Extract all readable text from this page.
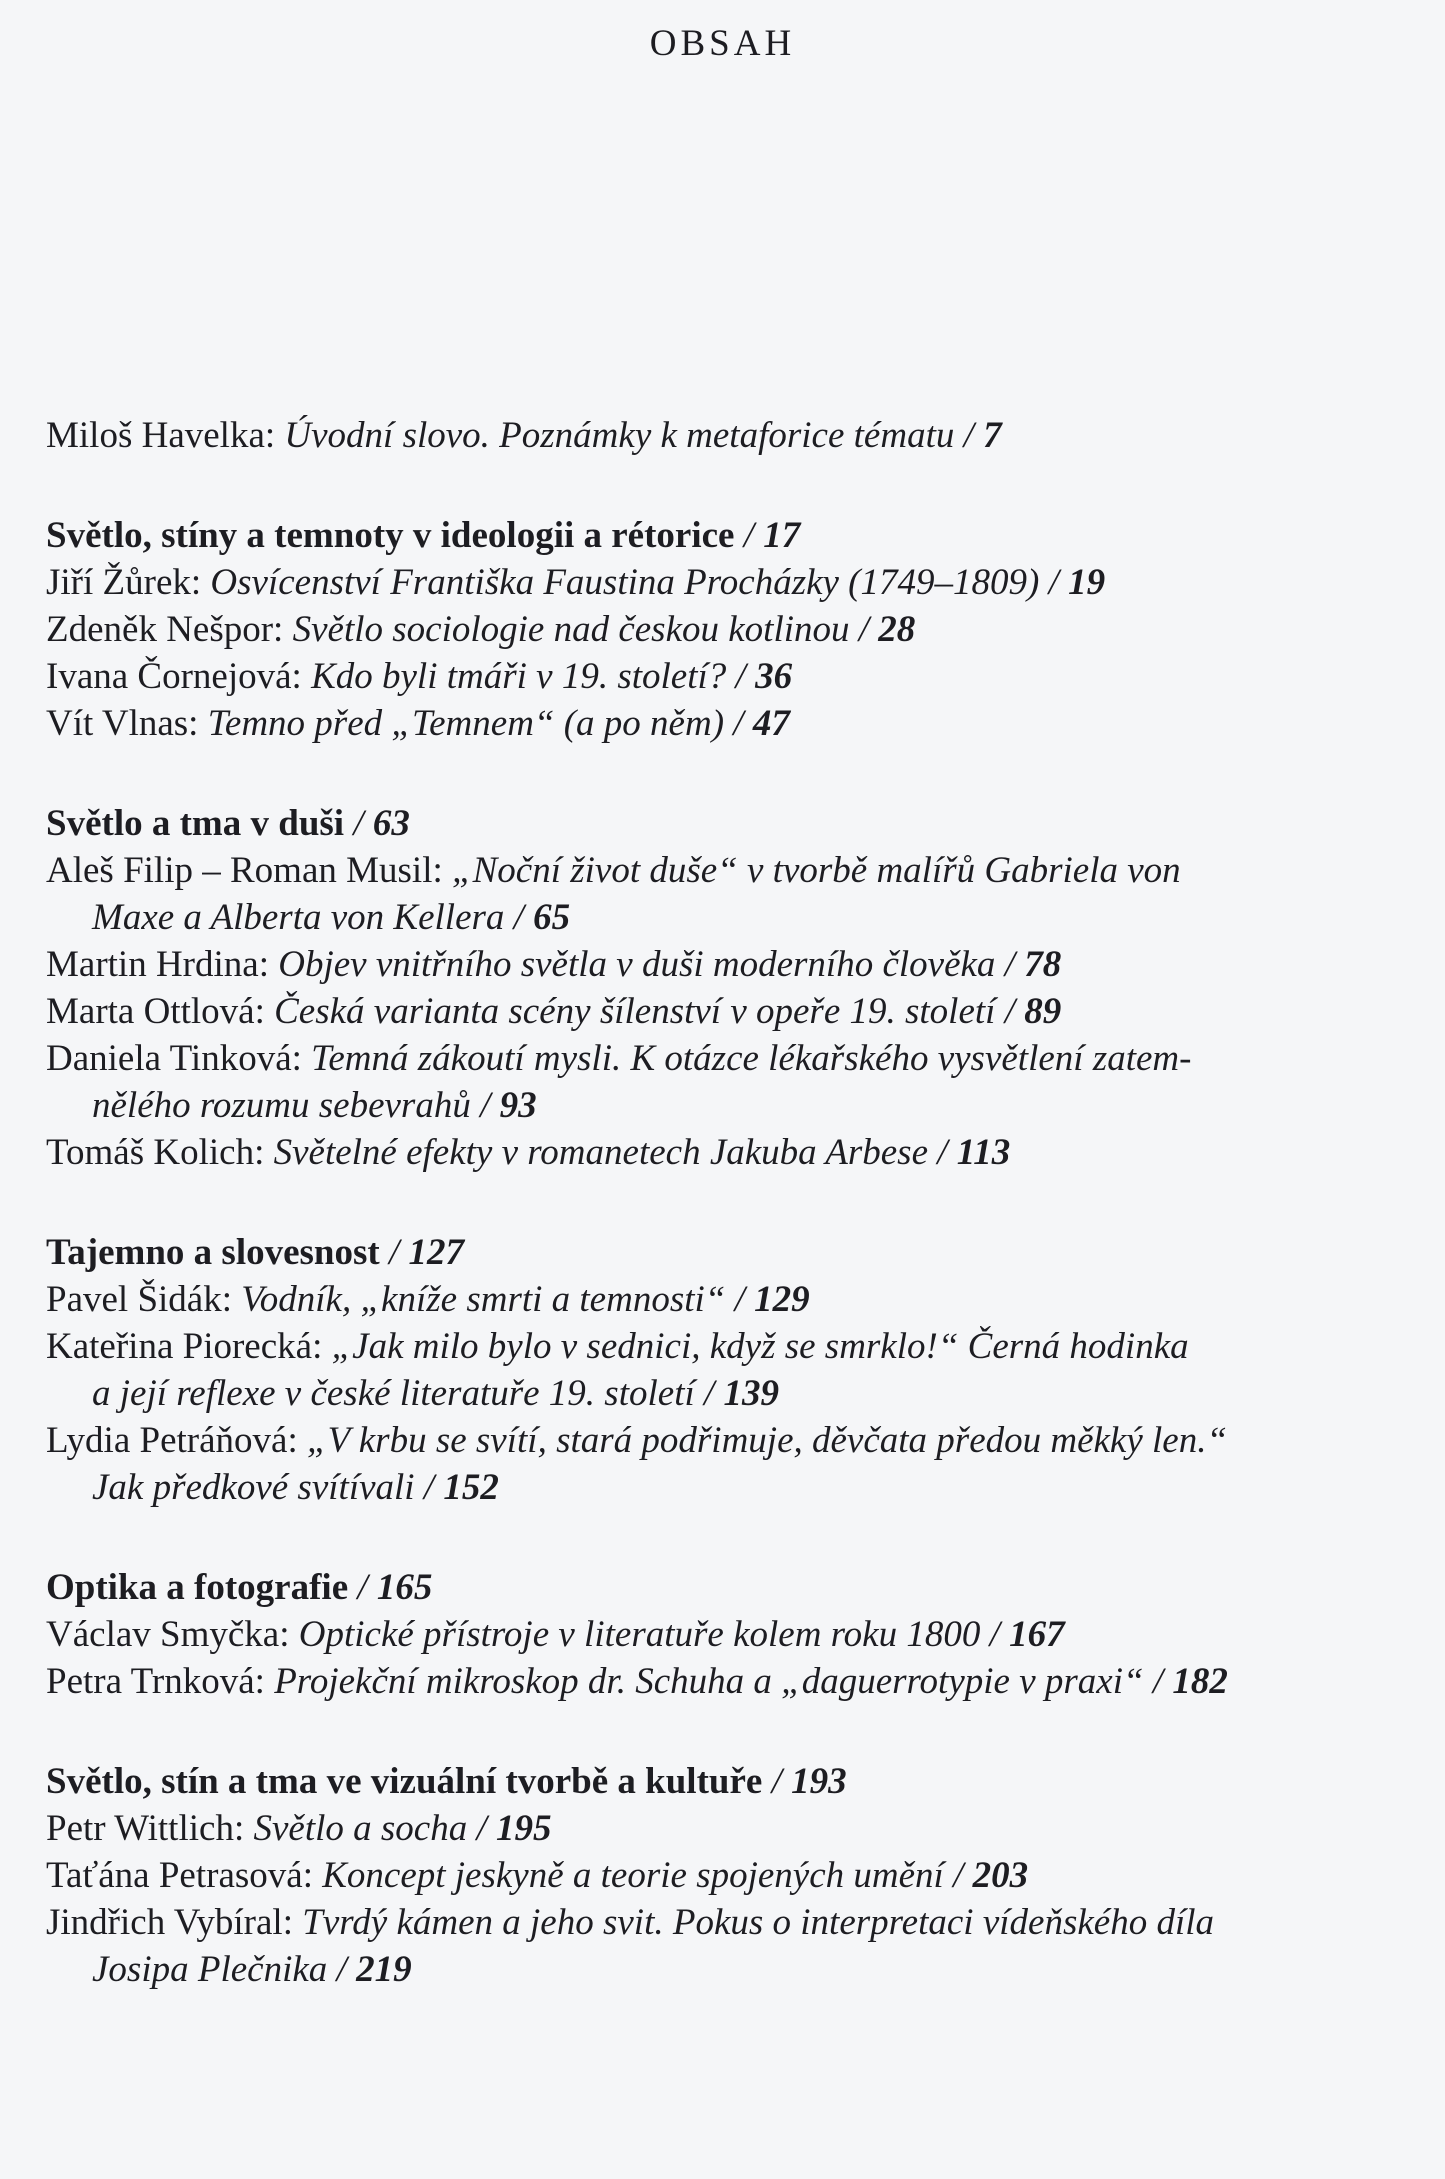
OBSAH
Miloš Havelka: Úvodní slovo. Poznámky k metaforice tématu / 7
Světlo, stíny a temnoty v ideologii a rétorice / 17
Jiří Žůrek: Osvícenství Františka Faustina Procházky (1749–1809) / 19
Zdeněk Nešpor: Světlo sociologie nad českou kotlinou / 28
Ivana Čornejová: Kdo byli tmáři v 19. století? / 36
Vít Vlnas: Temno před „Temnem“ (a po něm) / 47
Světlo a tma v duši / 63
Aleš Filip – Roman Musil: „Noční život duše“ v tvorbě malířů Gabriela von
Maxe a Alberta von Kellera / 65
Martin Hrdina: Objev vnitřního světla v duši moderního člověka / 78
Marta Ottlová: Česká varianta scény šílenství v opeře 19. století / 89
Daniela Tinková: Temná zákoutí mysli. K otázce lékařského vysvětlení zatem-
nělého rozumu sebevrahů / 93
Tomáš Kolich: Světelné efekty v romanetech Jakuba Arbese / 113
Tajemno a slovesnost / 127
Pavel Šidák: Vodník, „kníže smrti a temnosti“ / 129
Kateřina Piorecká: „Jak milo bylo v sednici, když se smrklo!“ Černá hodinka
a její reflexe v české literatuře 19. století / 139
Lydia Petráňová: „V krbu se svítí, stará podřimuje, děvčata předou měkký len.“
Jak předkové svítívali / 152
Optika a fotografie / 165
Václav Smyčka: Optické přístroje v literatuře kolem roku 1800 / 167
Petra Trnková: Projekční mikroskop dr. Schuha a „daguerrotypie v praxi“ / 182
Světlo, stín a tma ve vizuální tvorbě a kultuře / 193
Petr Wittlich: Světlo a socha / 195
Taťána Petrasová: Koncept jeskyně a teorie spojených umění / 203
Jindřich Vybíral: Tvrdý kámen a jeho svit. Pokus o interpretaci vídeňského díla
Josipa Plečnika / 219
